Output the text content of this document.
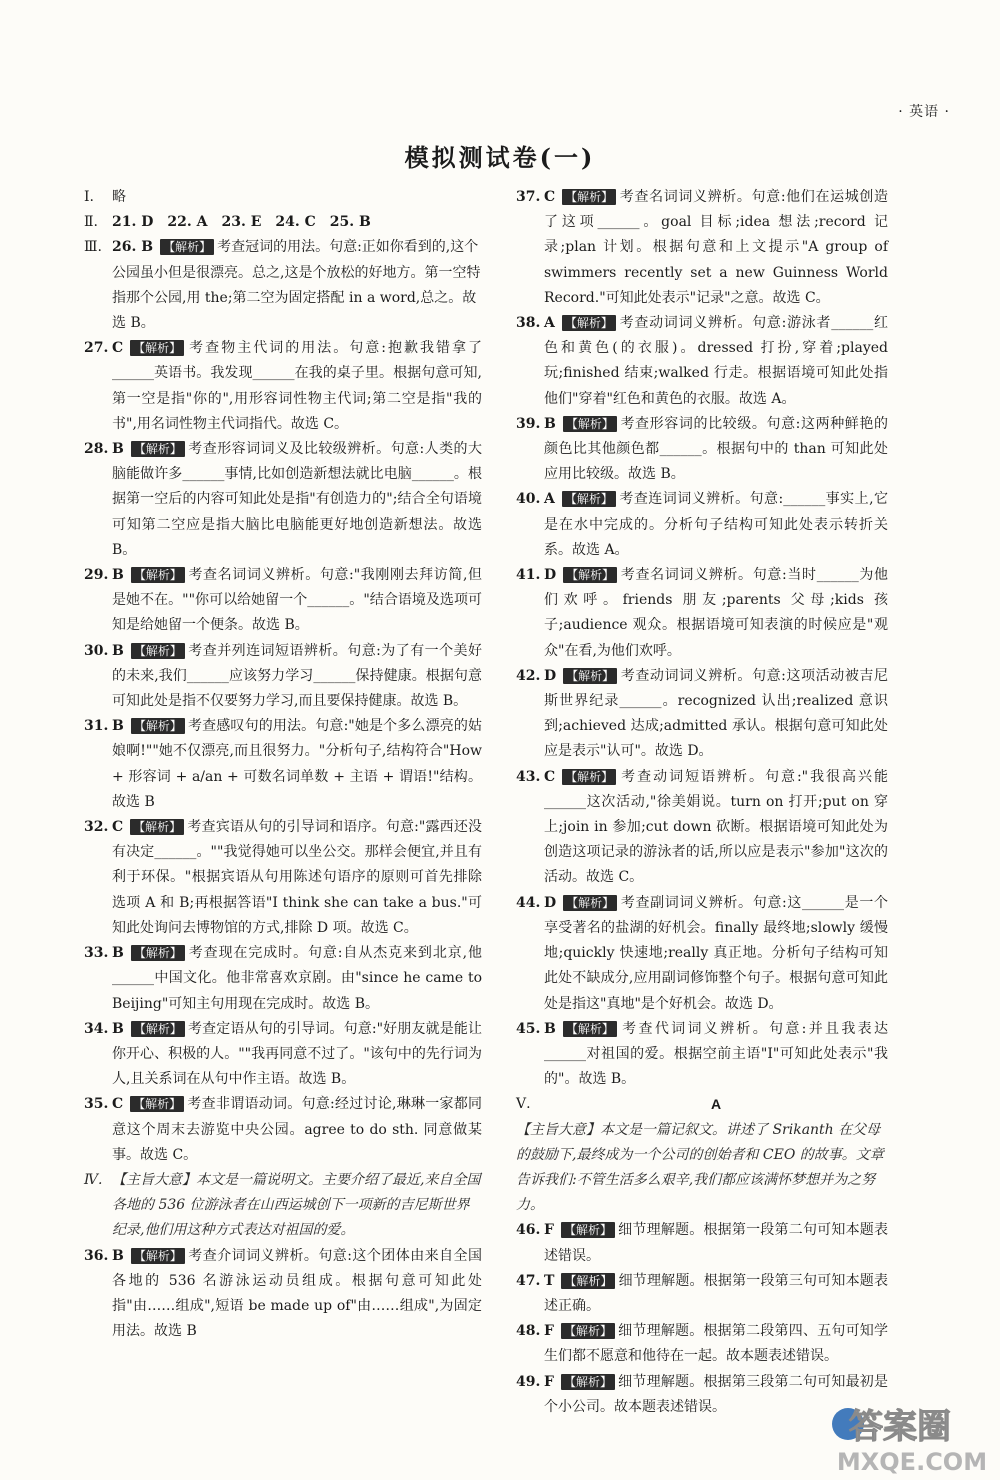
· 英语 ·
模拟测试卷(一)
Ⅰ. 略
Ⅱ. 21. D　22. A　23. E　24. C　25. B
Ⅲ. 26. B 【解析】 考查冠词的用法。句意:正如你看到的,这个公园虽小但是很漂亮。总之,这是个放松的好地方。第一空特指那个公园,用 the;第二空为固定搭配 in a word,总之。故选 B。
27. C 【解析】 考查物主代词的用法。句意:抱歉我错拿了______英语书。我发现______在我的桌子里。根据句意可知,第一空是指"你的",用形容词性物主代词;第二空是指"我的书",用名词性物主代词指代。故选 C。
28. B 【解析】 考查形容词词义及比较级辨析。句意:人类的大脑能做许多______事情,比如创造新想法就比电脑______。根据第一空后的内容可知此处是指"有创造力的";结合全句语境可知第二空应是指大脑比电脑能更好地创造新想法。故选 B。
29. B 【解析】 考查名词词义辨析。句意:"我刚刚去拜访简,但是她不在。""你可以给她留一个______。"结合语境及选项可知是给她留一个便条。故选 B。
30. B 【解析】 考查并列连词短语辨析。句意:为了有一个美好的未来,我们______应该努力学习______保持健康。根据句意可知此处是指不仅要努力学习,而且要保持健康。故选 B。
31. B 【解析】 考查感叹句的用法。句意:"她是个多么漂亮的姑娘啊!""她不仅漂亮,而且很努力。"分析句子,结构符合"How + 形容词 + a/an + 可数名词单数 + 主语 + 谓语!"结构。故选 B
32. C 【解析】 考查宾语从句的引导词和语序。句意:"露西还没有决定______。""我觉得她可以坐公交。那样会便宜,并且有利于环保。"根据宾语从句用陈述句语序的原则可首先排除选项 A 和 B;再根据答语"I think she can take a bus."可知此处询问去博物馆的方式,排除 D 项。故选 C。
33. B 【解析】 考查现在完成时。句意:自从杰克来到北京,他______中国文化。他非常喜欢京剧。由"since he came to Beijing"可知主句用现在完成时。故选 B。
34. B 【解析】 考查定语从句的引导词。句意:"好朋友就是能让你开心、积极的人。""我再同意不过了。"该句中的先行词为人,且关系词在从句中作主语。故选 B。
35. C 【解析】 考查非谓语动词。句意:经过讨论,琳琳一家都同意这个周末去游览中央公园。agree to do sth. 同意做某事。故选 C。
Ⅳ. 【主旨大意】本文是一篇说明文。主要介绍了最近,来自全国各地的 536 位游泳者在山西运城创下一项新的吉尼斯世界纪录,他们用这种方式表达对祖国的爱。
36. B 【解析】 考查介词词义辨析。句意:这个团体由来自全国各地的 536 名游泳运动员组成。根据句意可知此处指"由……组成",短语 be made up of"由……组成",为固定用法。故选 B
37. C 【解析】 考查名词词义辨析。句意:他们在运城创造了这项______。goal 目标;idea 想法;record 记录;plan 计划。根据句意和上文提示"A group of swimmers recently set a new Guinness World Record."可知此处表示"记录"之意。故选 C。
38. A 【解析】 考查动词词义辨析。句意:游泳者______红色和黄色(的衣服)。dressed 打扮,穿着;played 玩;finished 结束;walked 行走。根据语境可知此处指他们"穿着"红色和黄色的衣服。故选 A。
39. B 【解析】 考查形容词的比较级。句意:这两种鲜艳的颜色比其他颜色都______。根据句中的 than 可知此处应用比较级。故选 B。
40. A 【解析】 考查连词词义辨析。句意:______事实上,它是在水中完成的。分析句子结构可知此处表示转折关系。故选 A。
41. D 【解析】 考查名词词义辨析。句意:当时______为他们欢呼。friends 朋友;parents 父母;kids 孩子;audience 观众。根据语境可知表演的时候应是"观众"在看,为他们欢呼。
42. D 【解析】 考查动词词义辨析。句意:这项活动被吉尼斯世界纪录______。recognized 认出;realized 意识到;achieved 达成;admitted 承认。根据句意可知此处应是表示"认可"。故选 D。
43. C 【解析】 考查动词短语辨析。句意:"我很高兴能______这次活动,"徐美娟说。turn on 打开;put on 穿上;join in 参加;cut down 砍断。根据语境可知此处为创造这项记录的游泳者的话,所以应是表示"参加"这次的活动。故选 C。
44. D 【解析】 考查副词词义辨析。句意:这______是一个享受著名的盐湖的好机会。finally 最终地;slowly 缓慢地;quickly 快速地;really 真正地。分析句子结构可知此处不缺成分,应用副词修饰整个句子。根据句意可知此处是指这"真地"是个好机会。故选 D。
45. B 【解析】 考查代词词义辨析。句意:并且我表达______对祖国的爱。根据空前主语"I"可知此处表示"我的"。故选 B。
Ⅴ.	A
【主旨大意】本文是一篇记叙文。讲述了 Srikanth 在父母的鼓励下,最终成为一个公司的创始者和 CEO 的故事。文章告诉我们:不管生活多么艰辛,我们都应该满怀梦想并为之努力。
46. F 【解析】 细节理解题。根据第一段第二句可知本题表述错误。
47. T 【解析】 细节理解题。根据第一段第三句可知本题表述正确。
48. F 【解析】 细节理解题。根据第二段第四、五句可知学生们都不愿意和他待在一起。故本题表述错误。
49. F 【解析】 细节理解题。根据第三段第二句可知最初是个小公司。故本题表述错误。
答案圈
MXQE.COM
